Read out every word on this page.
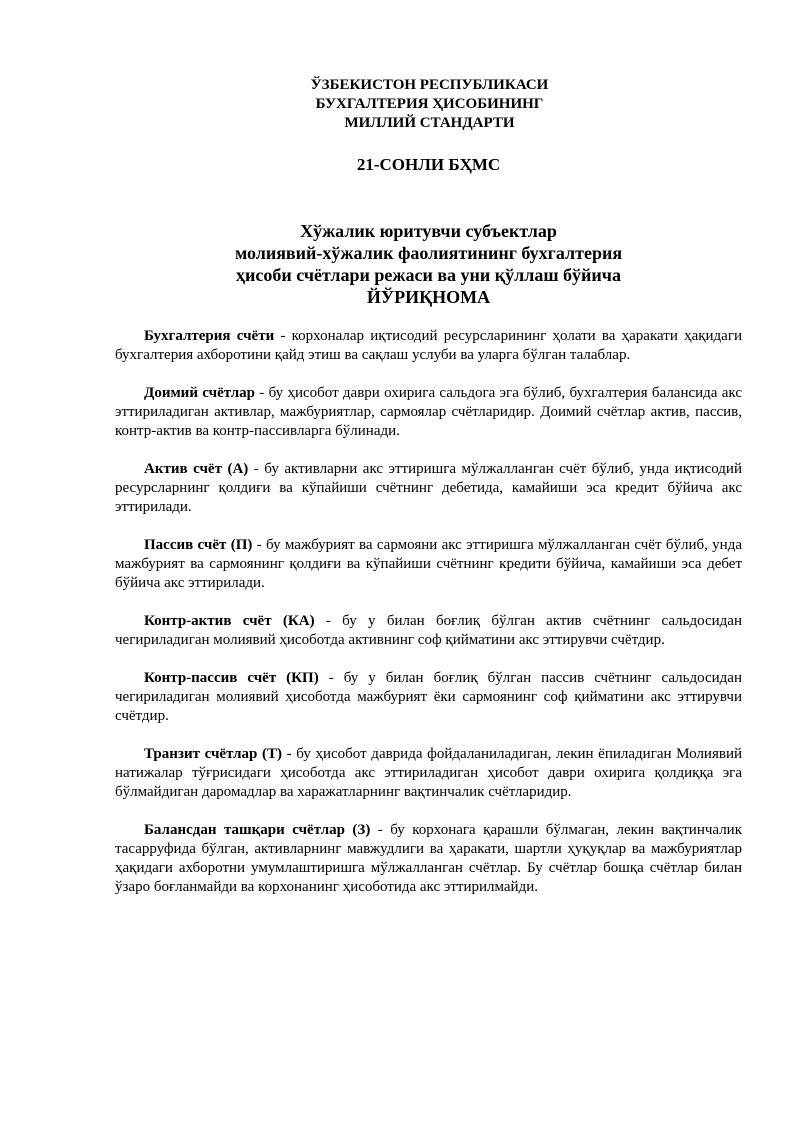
ЎЗБЕКИСТОН РЕСПУБЛИКАСИ
БУХГАЛТЕРИЯ ҲИСОБИНИНГ
МИЛЛИЙ СТАНДАРТИ
21-СОНЛИ БҲМС
Хўжалик юритувчи субъектлар
молиявий-хўжалик фаолиятининг бухгалтерия
ҳисоби счётлари режаси ва уни қўллаш бўйича
ЙЎРИҚНОМА

Бухгалтерия счёти - корхоналар иқтисодий ресурсларининг ҳолати ва ҳаракати ҳақидаги бухгалтерия ахборотини қайд этиш ва сақлаш услуби ва уларга бўлган талаблар.

Доимий счётлар - бу ҳисобот даври охирига сальдога эга бўлиб, бухгалтерия балансида акс эттириладиган активлар, мажбуриятлар, сармоялар счётларидир. Доимий счётлар актив, пассив, контр-актив ва контр-пассивларга бўлинади.

Актив счёт (А) - бу активларни акс эттиришга мўлжалланган счёт бўлиб, унда иқтисодий ресурсларнинг қолдиғи ва кўпайиши счётнинг дебетида, камайиши эса кредит бўйича акс эттирилади.

Пассив счёт (П) - бу мажбурият ва сармояни акс эттиришга мўлжалланган счёт бўлиб, унда мажбурият ва сармоянинг қолдиғи ва кўпайиши счётнинг кредити бўйича, камайиши эса дебет бўйича акс эттирилади.

Контр-актив счёт (КА) - бу у билан боғлиқ бўлган актив счётнинг сальдосидан чегириладиган молиявий ҳисоботда активнинг соф қийматини акс эттирувчи счётдир.

Контр-пассив счёт (КП) - бу у билан боғлиқ бўлган пассив счётнинг сальдосидан чегириладиган молиявий ҳисоботда мажбурият ёки сармоянинг соф қийматини акс эттирувчи счётдир.

Транзит счётлар (Т) - бу ҳисобот даврида фойдаланиладиган, лекин ёпиладиган Молиявий натижалар тўғрисидаги ҳисоботда акс эттириладиган ҳисобот даври охирига қолдиққа эга бўлмайдиган даромадлар ва харажатларнинг вақтинчалик счётларидир.

Балансдан ташқари счётлар (З) - бу корхонага қарашли бўлмаган, лекин вақтинчалик тасарруфида бўлган, активларнинг мавжудлиги ва ҳаракати, шартли ҳуқуқлар ва мажбуриятлар ҳақидаги ахборотни умумлаштиришга мўлжалланган счётлар. Бу счётлар бошқа счётлар билан ўзаро боғланмайди ва корхонанинг ҳисоботида акс эттирилмайди.
